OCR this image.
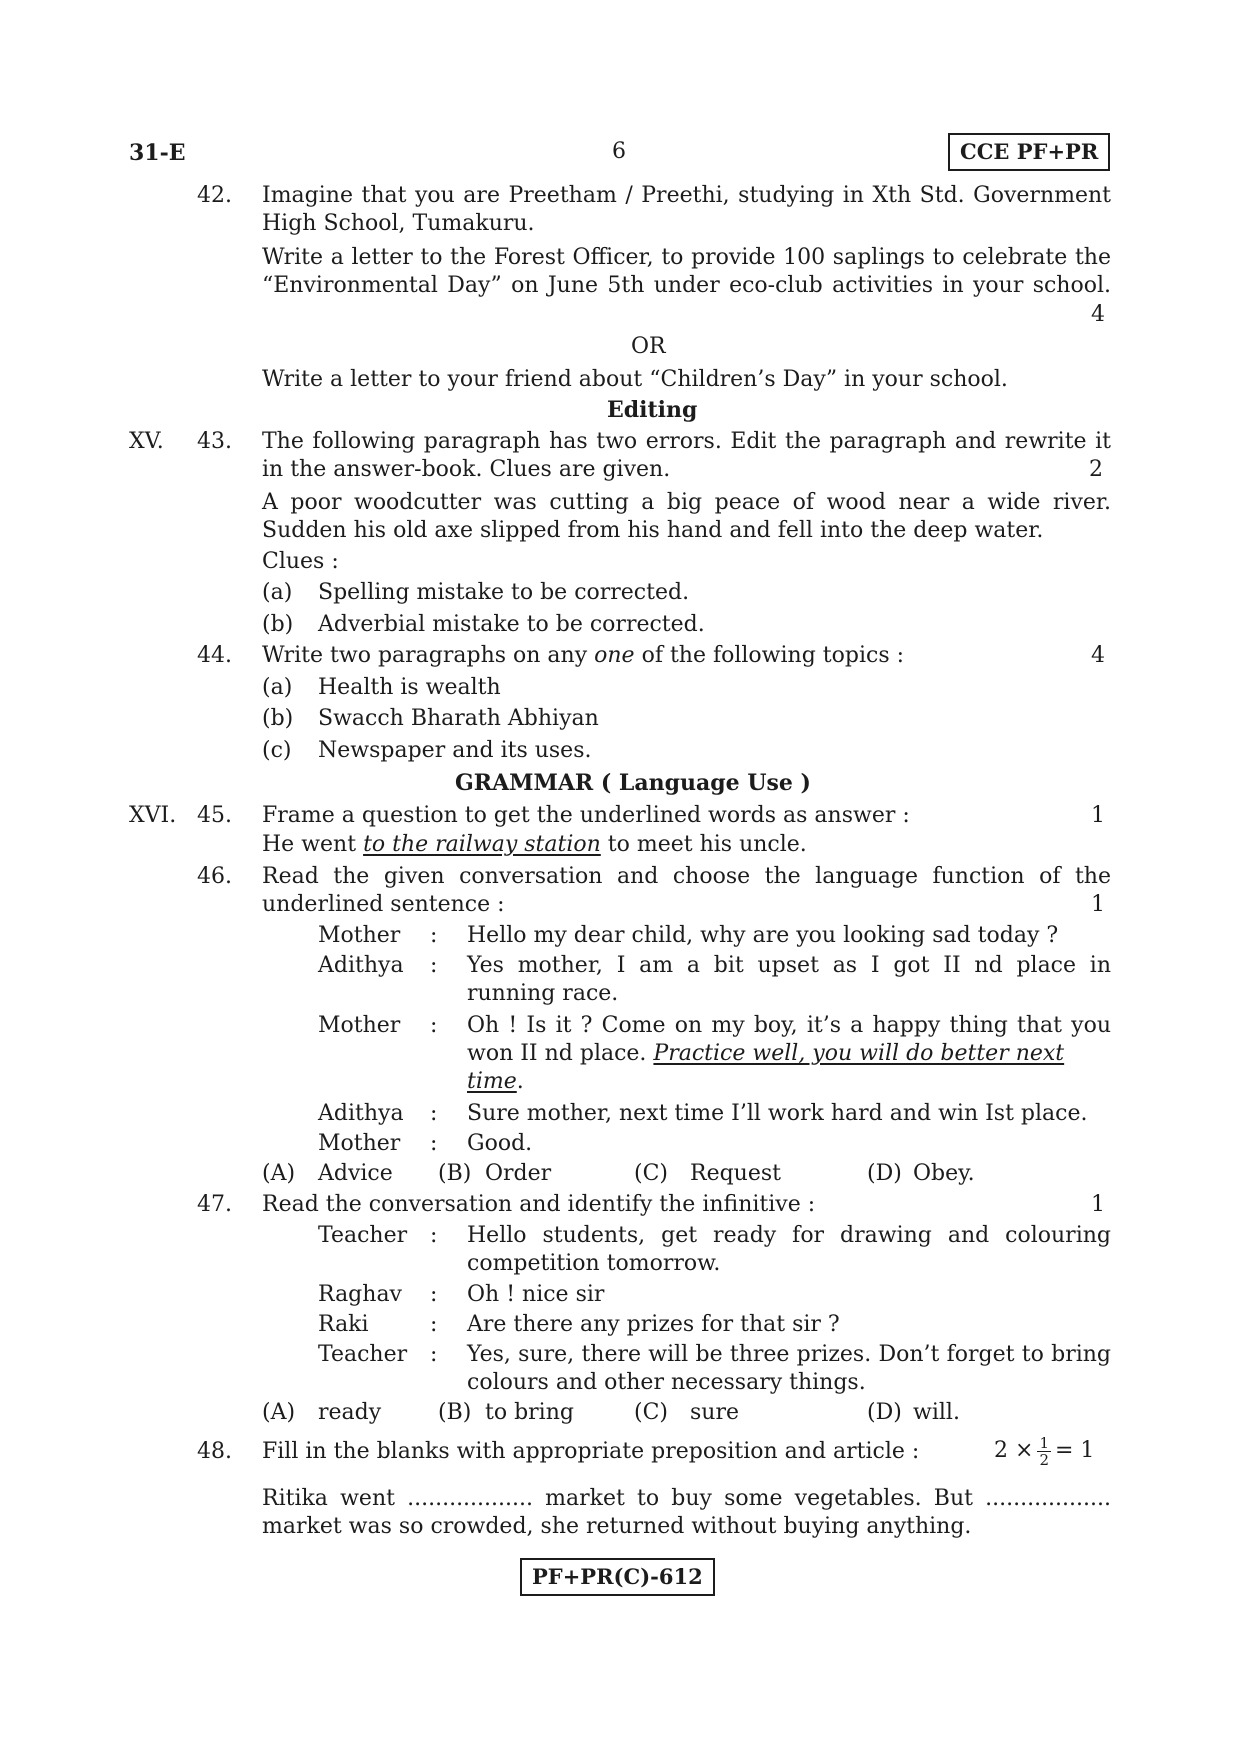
31-E	6	CCE PF+PR
42. Imagine that you are Preetham / Preethi, studying in Xth Std. Government
High School, Tumakuru.
Write a letter to the Forest Officer, to provide 100 saplings to celebrate the
“Environmental Day” on June 5th under eco-club activities in your school.
4
OR
Write a letter to your friend about “Children’s Day” in your school.
Editing
XV. 43. The following paragraph has two errors. Edit the paragraph and rewrite it
in the answer-book. Clues are given.	2
A poor woodcutter was cutting a big peace of wood near a wide river.
Sudden his old axe slipped from his hand and fell into the deep water.
Clues :
(a) Spelling mistake to be corrected.
(b) Adverbial mistake to be corrected.
44. Write two paragraphs on any one of the following topics :	4
(a) Health is wealth
(b) Swacch Bharath Abhiyan
(c) Newspaper and its uses.
GRAMMAR ( Language Use )
XVI. 45. Frame a question to get the underlined words as answer :	1
He went to the railway station to meet his uncle.
46. Read the given conversation and choose the language function of the
underlined sentence :	1
Mother : Hello my dear child, why are you looking sad today ?
Adithya : Yes mother, I am a bit upset as I got II nd place in
running race.
Mother : Oh ! Is it ? Come on my boy, it’s a happy thing that you
won II nd place. Practice well, you will do better next
time.
Adithya : Sure mother, next time I’ll work hard and win Ist place.
Mother : Good.
(A) Advice (B) Order	(C) Request	(D) Obey.
47. Read the conversation and identify the infinitive :	1
Teacher : Hello students, get ready for drawing and colouring
competition tomorrow.
Raghav : Oh ! nice sir
Raki	: Are there any prizes for that sir ?
Teacher : Yes, sure, there will be three prizes. Don’t forget to bring
colours and other necessary things.
(A) ready	(B) to bring	(C) sure	(D) will.
48. Fill in the blanks with appropriate preposition and article :	$2 \times \frac{1}{2} = 1$
Ritika went .................. market to buy some vegetables. But ..................
market was so crowded, she returned without buying anything.
PF+PR(C)-612
